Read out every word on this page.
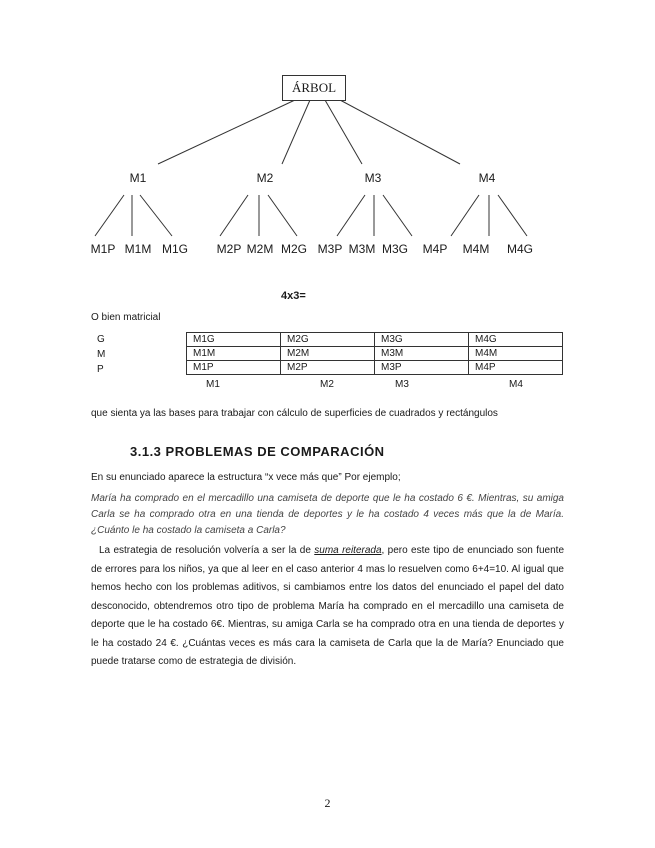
ÁRBOL
M1	M2	M3	M4
M1P M1M M1G M2P M2M M2G M3P M3M M3G M4P M4M M4G
4x3=
O bien matricial
G
M
P
M1G	M2G	M3G	M4G
M1M	M2M	M3M	M4M
M1P	M2P	M3P	M4P
M1	M2	M3	M4
que sienta ya las bases para trabajar con cálculo de superficies de cuadrados y rectángulos
3.1.3 PROBLEMAS DE COMPARACIÓN
En su enunciado aparece la estructura “x vece más que” Por ejemplo;
María ha comprado en el mercadillo una camiseta de deporte que le ha costado 6 €. Mientras, su amiga Carla se ha comprado otra en una tienda de deportes y le ha costado 4 veces más que la de María. ¿Cuánto le ha costado la camiseta a Carla?
La estrategia de resolución volvería a ser la de suma reiterada, pero este tipo de enunciado son fuente de errores para los niños, ya que al leer en el caso anterior 4 mas lo resuelven como 6+4=10. Al igual que hemos hecho con los problemas aditivos, si cambiamos entre los datos del enunciado el papel del dato desconocido, obtendremos otro tipo de problema María ha comprado en el mercadillo una camiseta de deporte que le ha costado 6€. Mientras, su amiga Carla se ha comprado otra en una tienda de deportes y le ha costado 24 €. ¿Cuántas veces es más cara la camiseta de Carla que la de María? Enunciado que puede tratarse como de estrategia de división.
2
